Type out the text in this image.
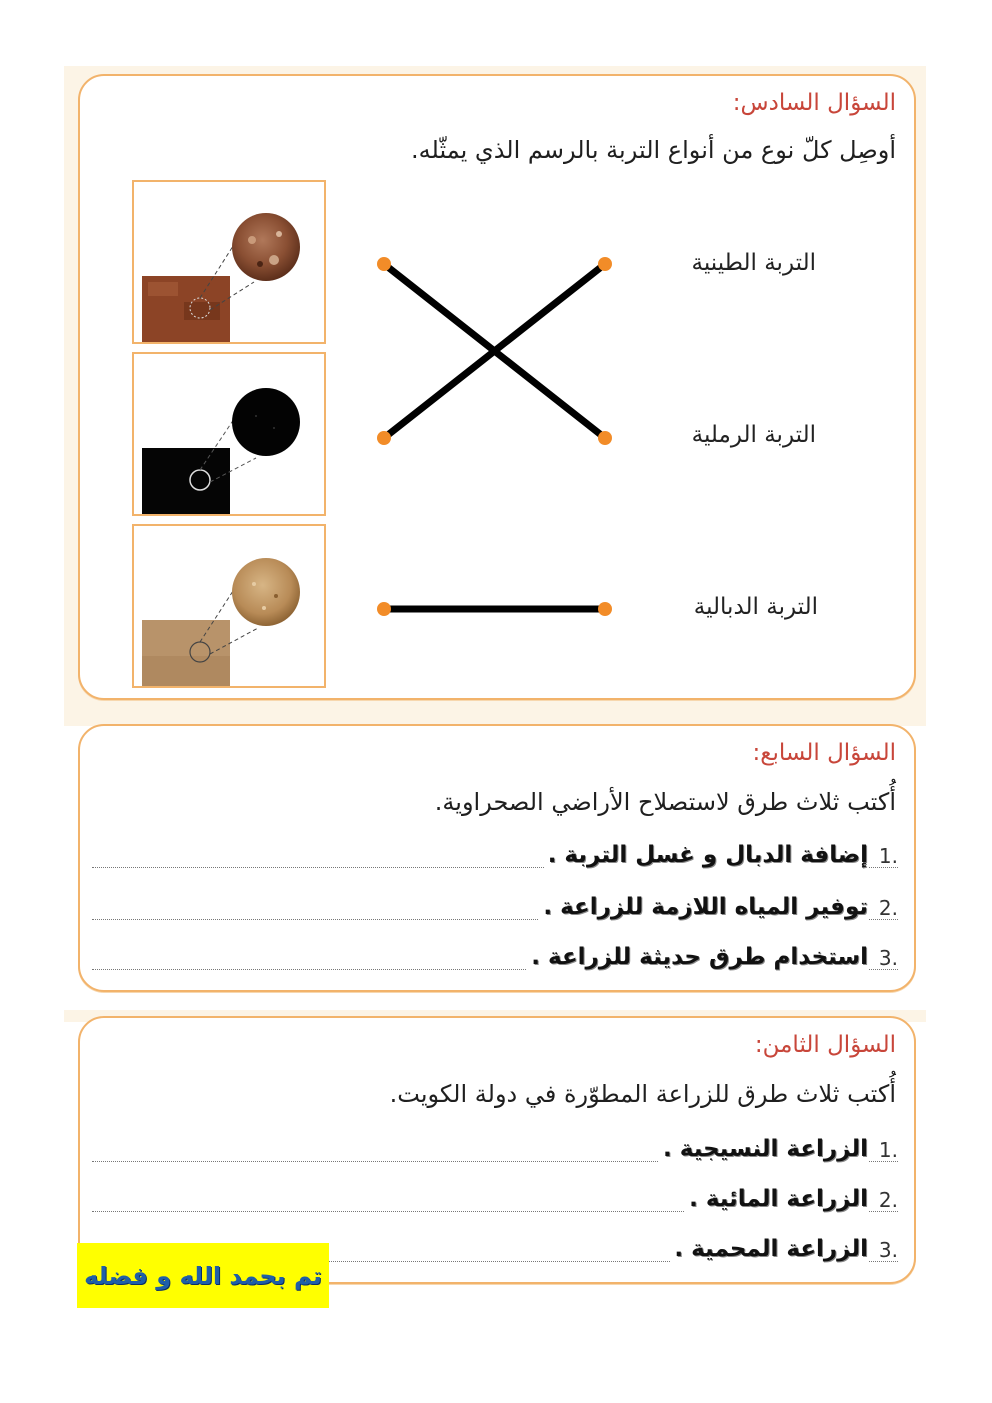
السؤال السادس:
أوصِل كلّ نوع من أنواع التربة بالرسم الذي يمثّله.
التربة الطينية
التربة الرملية
التربة الدبالية
السؤال السابع:
أُكتب ثلاث طرق لاستصلاح الأراضي الصحراوية.
1.
إضافة الدبال و غسل التربة .
2.
توفير المياه اللازمة للزراعة .
3.
استخدام طرق حديثة للزراعة .
السؤال الثامن:
أُكتب ثلاث طرق للزراعة المطوّرة في دولة الكويت.
1.
الزراعة النسيجية .
2.
الزراعة المائية .
3.
الزراعة المحمية .
تم بحمد الله و فضله
